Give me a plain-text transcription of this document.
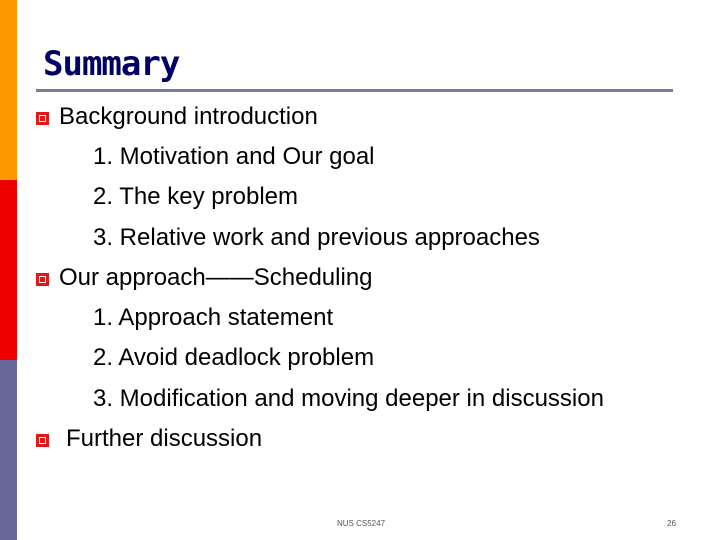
Summary
Background introduction
1. Motivation and Our goal
2. The key problem
3. Relative work and previous approaches
Our approach——Scheduling
1. Approach statement
2. Avoid deadlock problem
3. Modification and moving deeper in discussion
Further discussion
NUS CS5247	26
